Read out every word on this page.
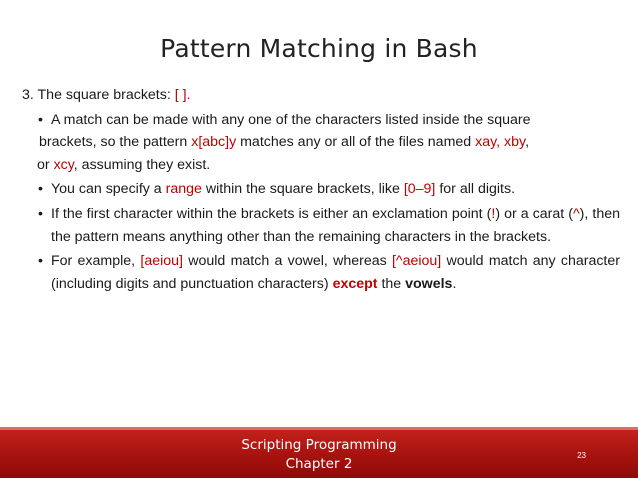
Pattern Matching in Bash
3. The square brackets: [ ].
• A match can be made with any one of the characters listed inside the square
brackets, so the pattern x[abc]y matches any or all of the files named xay, xby,
or xcy, assuming they exist.
• You can specify a range within the square brackets, like [0–9] for all digits.
• If the first character within the brackets is either an exclamation point (!) or a carat (^), then the pattern means anything other than the remaining characters in the brackets.
• For example, [aeiou] would match a vowel, whereas [^aeiou] would match any character (including digits and punctuation characters) except the vowels.
Scripting Programming
Chapter 2
23
